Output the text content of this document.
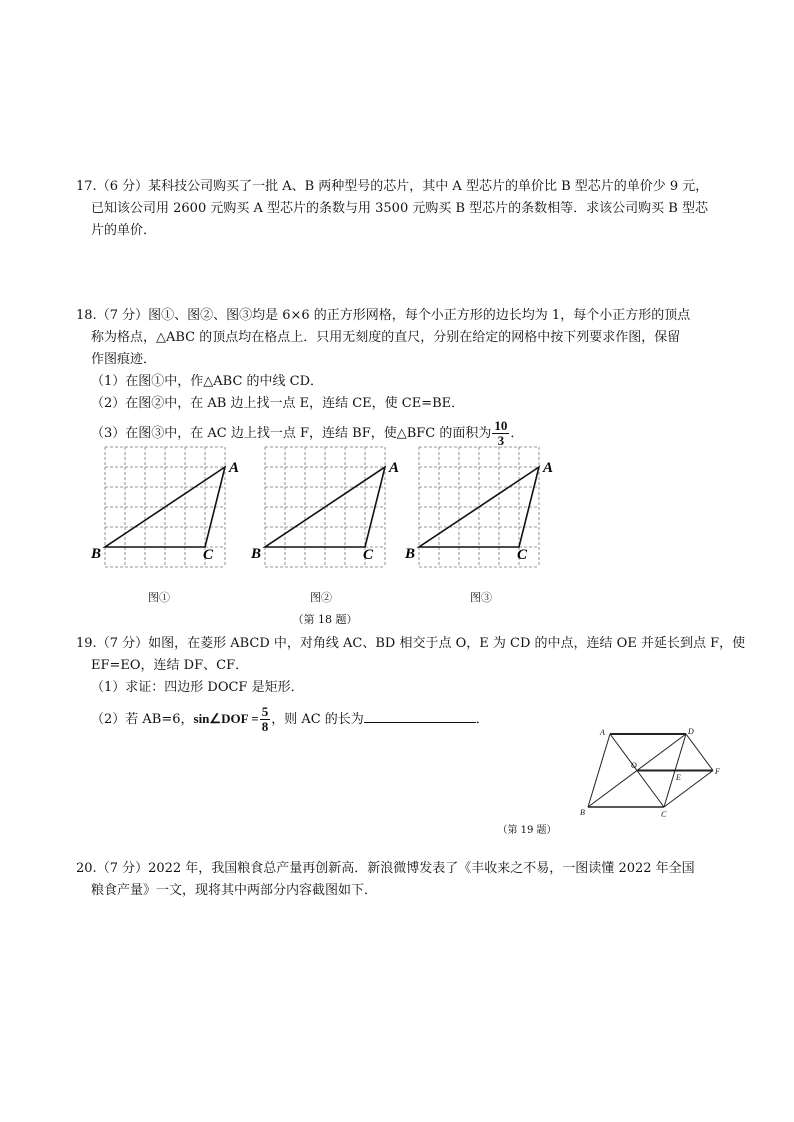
17.（6 分）某科技公司购买了一批 A、B 两种型号的芯片，其中 A 型芯片的单价比 B 型芯片的单价少 9 元，
已知该公司用 2600 元购买 A 型芯片的条数与用 3500 元购买 B 型芯片的条数相等．求该公司购买 B 型芯
片的单价．
18.（7 分）图①、图②、图③均是 6×6 的正方形网格，每个小正方形的边长均为 1，每个小正方形的顶点
称为格点，△ABC 的顶点均在格点上．只用无刻度的直尺，分别在给定的网格中按下列要求作图，保留
作图痕迹．
（1）在图①中，作△ABC 的中线 CD．
（2）在图②中，在 AB 边上找一点 E，连结 CE，使 CE=BE．
（3）在图③中，在 AC 边上找一点 F，连结 BF，使△BFC 的面积为 $\frac{10}{3}$ ．
A
B	C
A
B	C
A
B	C
图①	图②	图③
（第 18 题）
19.（7 分）如图，在菱形 ABCD 中，对角线 AC、BD 相交于点 O，E 为 CD 的中点，连结 OE 并延长到点 F，使
EF=EO，连结 DF、CF．
（1）求证：四边形 DOCF 是矩形．
（2）若 AB=6，sin∠DOF = $\frac{5}{8}$ ，则 AC 的长为	．
A	D
O
E
F
B	C
（第 19 题）
20.（7 分）2022 年，我国粮食总产量再创新高．新浪微博发表了《丰收来之不易，一图读懂 2022 年全国
粮食产量》一文，现将其中两部分内容截图如下．
